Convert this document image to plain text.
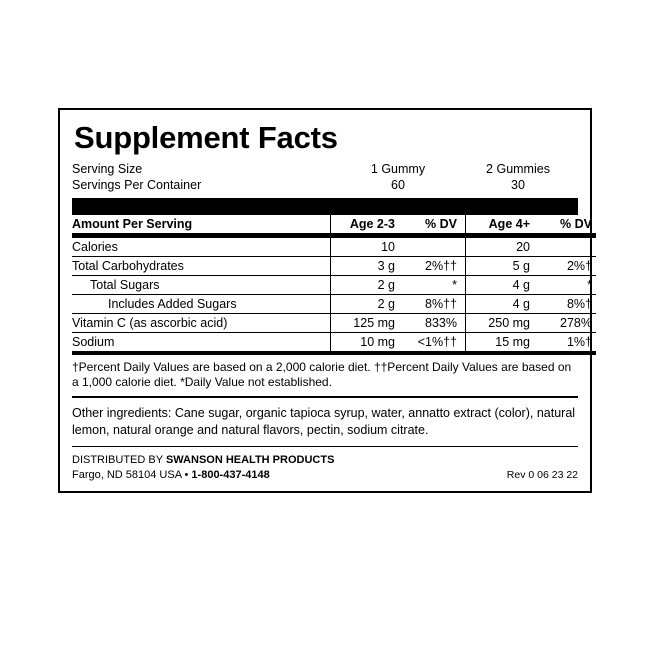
Supplement Facts
Serving Size	1 Gummy	2 Gummies
Servings Per Container	60	30
Amount Per Serving	Age 2-3	% DV	Age 4+	% DV
Calories	10		20	
Total Carbohydrates	3 g	2%††	5 g	2%†
Total Sugars	2 g	*	4 g	*
Includes Added Sugars	2 g	8%††	4 g	8%†
Vitamin C (as ascorbic acid)	125 mg	833%	250 mg	278%
Sodium	10 mg	<1%††	15 mg	1%†
†Percent Daily Values are based on a 2,000 calorie diet. ††Percent Daily Values are based on a 1,000 calorie diet. *Daily Value not established.
Other ingredients: Cane sugar, organic tapioca syrup, water, annatto extract (color), natural lemon, natural orange and natural flavors, pectin, sodium citrate.
DISTRIBUTED BY SWANSON HEALTH PRODUCTS
Fargo, ND 58104 USA • 1-800-437-4148	Rev 0 06 23 22
